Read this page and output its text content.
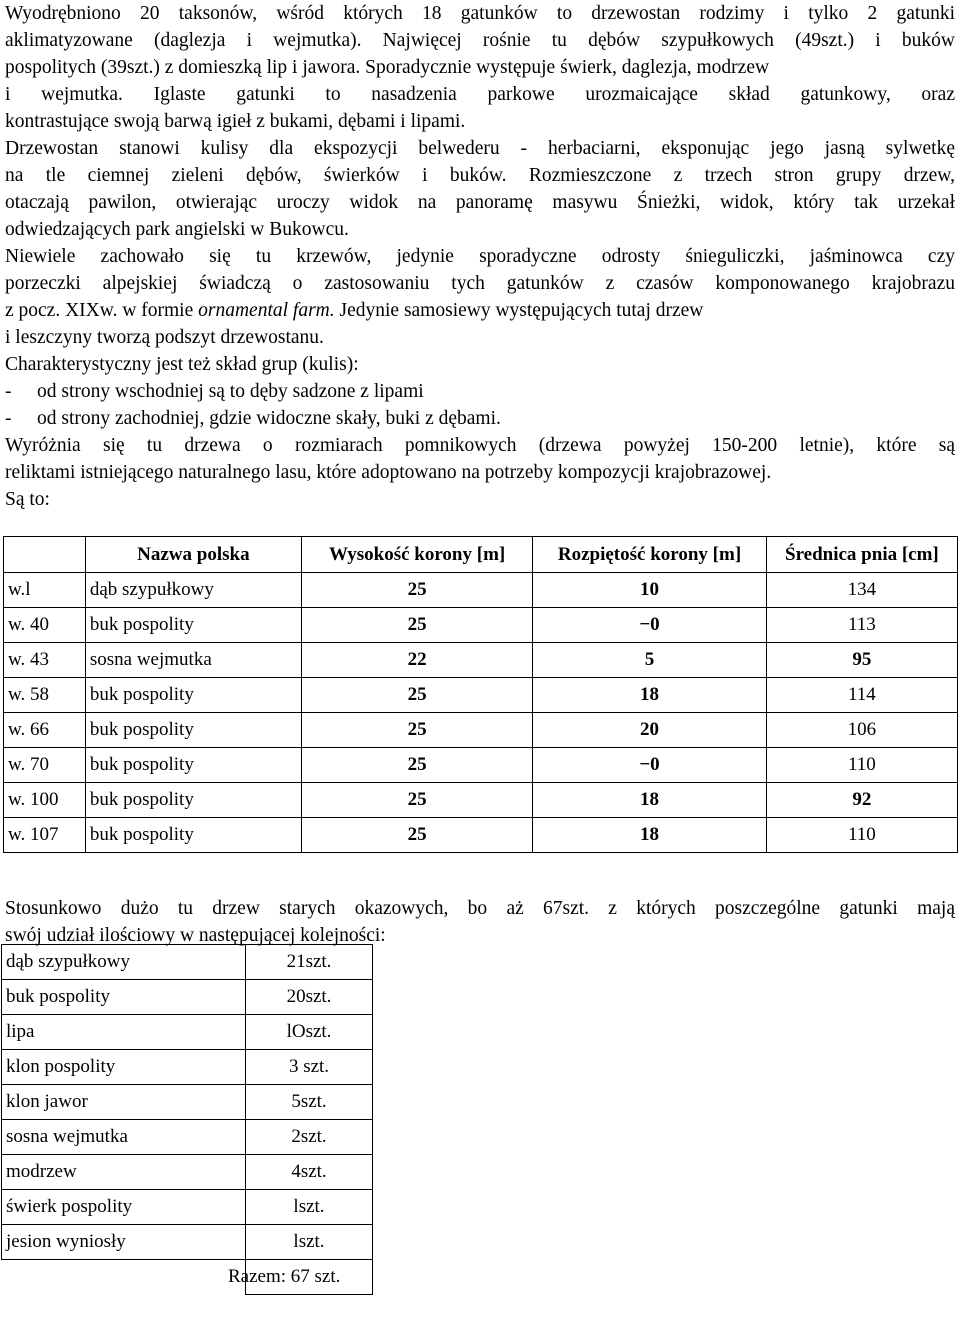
Wyodrębniono 20 taksonów, wśród których 18 gatunków to drzewostan rodzimy i tylko 2 gatunki
aklimatyzowane (daglezja i wejmutka). Najwięcej rośnie tu dębów szypułkowych (49szt.) i buków
pospolitych (39szt.) z domieszką lip i jawora. Sporadycznie występuje świerk, daglezja, modrzew
i wejmutka. Iglaste gatunki to nasadzenia parkowe urozmaicające skład gatunkowy, oraz
kontrastujące swoją barwą igieł z bukami, dębami i lipami.

Drzewostan stanowi kulisy dla ekspozycji belwederu - herbaciarni, eksponując jego jasną sylwetkę
na tle ciemnej zieleni dębów, świerków i buków. Rozmieszczone z trzech stron grupy drzew,
otaczają pawilon, otwierając uroczy widok na panoramę masywu Śnieżki, widok, który tak urzekał
odwiedzających park angielski w Bukowcu.

Niewiele zachowało się tu krzewów, jedynie sporadyczne odrosty śnieguliczki, jaśminowca czy
porzeczki alpejskiej świadczą o zastosowaniu tych gatunków z czasów komponowanego krajobrazu
z pocz. XIXw. w formie ornamental farm. Jedynie samosiewy występujących tutaj drzew
i leszczyny tworzą podszyt drzewostanu.

Charakterystyczny jest też skład grup (kulis):
- od strony wschodniej są to dęby sadzone z lipami
- od strony zachodniej, gdzie widoczne skały, buki z dębami.

Wyróżnia się tu drzewa o rozmiarach pomnikowych (drzewa powyżej 150-200 letnie), które są
reliktami istniejącego naturalnego lasu, które adoptowano na potrzeby kompozycji krajobrazowej.
Są to:

	Nazwa polska	Wysokość korony [m]	Rozpiętość korony [m]	Średnica pnia [cm]
w.l	dąb szypułkowy	25	10	134
w. 40	buk pospolity	25	−0	113
w. 43	sosna wejmutka	22	5	95
w. 58	buk pospolity	25	18	114
w. 66	buk pospolity	25	20	106
w. 70	buk pospolity	25	−0	110
w. 100	buk pospolity	25	18	92
w. 107	buk pospolity	25	18	110

Stosunkowo dużo tu drzew starych okazowych, bo aż 67szt. z których poszczególne gatunki mają
swój udział ilościowy w następującej kolejności:

dąb szypułkowy	21szt.
buk pospolity	20szt.
lipa	lOszt.
klon pospolity	3 szt.
klon jawor	5szt.
sosna wejmutka	2szt.
modrzew	4szt.
świerk pospolity	lszt.
jesion wyniosły	lszt.
	Razem: 67 szt.
